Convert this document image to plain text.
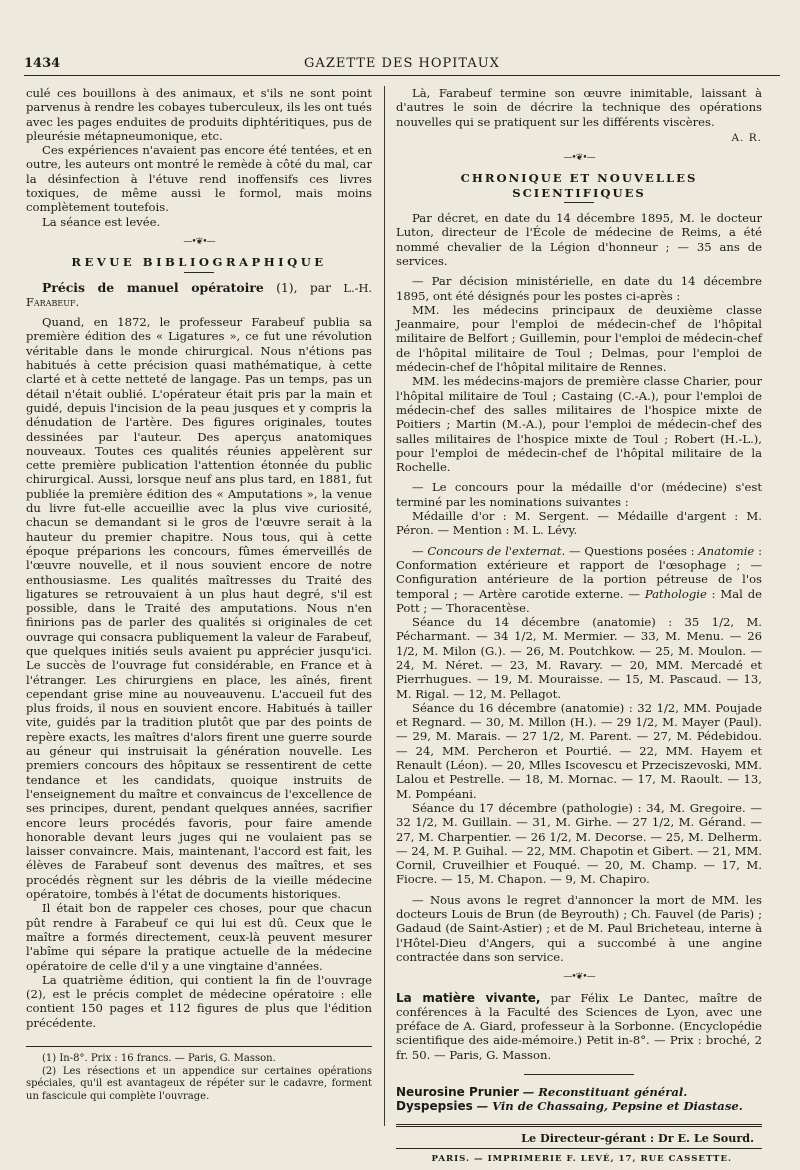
1434	GAZETTE DES HOPITAUX

culé ces bouillons à des animaux, et s'ils ne sont point parvenus à rendre les cobayes tuberculeux, ils les ont tués avec les pages enduites de produits diphtéritiques, pus de pleurésie métapneumonique, etc.

Ces expériences n'avaient pas encore été tentées, et en outre, les auteurs ont montré le remède à côté du mal, car la désinfection à l'étuve rend inoffensifs ces livres toxiques, de même aussi le formol, mais moins complètement toutefois.

La séance est levée.

—•❦•—
REVUE BIBLIOGRAPHIQUE

Précis de manuel opératoire (1), par L.-H. Farabeuf.

Quand, en 1872, le professeur Farabeuf publia sa première édition des « Ligatures », ce fut une révolution véritable dans le monde chirurgical. Nous n'étions pas habitués à cette précision quasi mathématique, à cette clarté et à cette netteté de langage. Pas un temps, pas un détail n'était oublié. L'opérateur était pris par la main et guidé, depuis l'incision de la peau jusques et y compris la dénudation de l'artère. Des figures originales, toutes dessinées par l'auteur. Des aperçus anatomiques nouveaux. Toutes ces qualités réunies appelèrent sur cette première publication l'attention étonnée du public chirurgical. Aussi, lorsque neuf ans plus tard, en 1881, fut publiée la première édition des « Amputations », la venue du livre fut-elle accueillie avec la plus vive curiosité, chacun se demandant si le gros de l'œuvre serait à la hauteur du premier chapitre. Nous tous, qui à cette époque préparions les concours, fûmes émerveillés de l'œuvre nouvelle, et il nous souvient encore de notre enthousiasme. Les qualités maîtresses du Traité des ligatures se retrouvaient à un plus haut degré, s'il est possible, dans le Traité des amputations. Nous n'en finirions pas de parler des qualités si originales de cet ouvrage qui consacra publiquement la valeur de Farabeuf, que quelques initiés seuls avaient pu apprécier jusqu'ici. Le succès de l'ouvrage fut considérable, en France et à l'étranger. Les chirurgiens en place, les aînés, firent cependant grise mine au nouveauvenu. L'accueil fut des plus froids, il nous en souvient encore. Habitués à tailler vite, guidés par la tradition plutôt que par des points de repère exacts, les maîtres d'alors firent une guerre sourde au géneur qui instruisait la génération nouvelle. Les premiers concours des hôpitaux se ressentirent de cette tendance et les candidats, quoique instruits de l'enseignement du maître et convaincus de l'excellence de ses principes, durent, pendant quelques années, sacrifier encore leurs procédés favoris, pour faire amende honorable devant leurs juges qui ne voulaient pas se laisser convaincre. Mais, maintenant, l'accord est fait, les élèves de Farabeuf sont devenus des maîtres, et ses procédés règnent sur les débris de la vieille médecine opératoire, tombés à l'état de documents historiques.

Il était bon de rappeler ces choses, pour que chacun pût rendre à Farabeuf ce qui lui est dû. Ceux que le maître a formés directement, ceux-là peuvent mesurer l'abîme qui sépare la pratique actuelle de la médecine opératoire de celle d'il y a une vingtaine d'années.

La quatrième édition, qui contient la fin de l'ouvrage (2), est le précis complet de médecine opératoire : elle contient 150 pages et 112 figures de plus que l'édition précédente.

(1) In-8°. Prix : 16 francs. — Paris, G. Masson.

(2) Les résections et un appendice sur certaines opérations spéciales, qu'il est avantageux de répéter sur le cadavre, forment un fascicule qui complète l'ouvrage.

Là, Farabeuf termine son œuvre inimitable, laissant à d'autres le soin de décrire la technique des opérations nouvelles qui se pratiquent sur les différents viscères.

A. R.
—•❦•—
CHRONIQUE ET NOUVELLES SCIENTIFIQUES

Par décret, en date du 14 décembre 1895, M. le docteur Luton, directeur de l'École de médecine de Reims, a été nommé chevalier de la Légion d'honneur ; — 35 ans de services.

— Par décision ministérielle, en date du 14 décembre 1895, ont été désignés pour les postes ci-après :

MM. les médecins principaux de deuxième classe Jeanmaire, pour l'emploi de médecin-chef de l'hôpital militaire de Belfort ; Guillemin, pour l'emploi de médecin-chef de l'hôpital militaire de Toul ; Delmas, pour l'emploi de médecin-chef de l'hôpital militaire de Rennes.

MM. les médecins-majors de première classe Charier, pour l'hôpital militaire de Toul ; Castaing (C.-A.), pour l'emploi de médecin-chef des salles militaires de l'hospice mixte de Poitiers ; Martin (M.-A.), pour l'emploi de médecin-chef des salles militaires de l'hospice mixte de Toul ; Robert (H.-L.), pour l'emploi de médecin-chef de l'hôpital militaire de la Rochelle.

— Le concours pour la médaille d'or (médecine) s'est terminé par les nominations suivantes :

Médaille d'or : M. Sergent. — Médaille d'argent : M. Péron. — Mention : M. L. Lévy.

— Concours de l'externat. — Questions posées : Anatomie : Conformation extérieure et rapport de l'œsophage ; — Configuration antérieure de la portion pétreuse de l'os temporal ; — Artère carotide externe. — Pathologie : Mal de Pott ; — Thoracentèse.

Séance du 14 décembre (anatomie) : 35 1/2, M. Pécharmant. — 34 1/2, M. Mermier. — 33, M. Menu. — 26 1/2, M. Milon (G.). — 26, M. Poutchkow. — 25, M. Moulon. — 24, M. Néret. — 23, M. Ravary. — 20, MM. Mercadé et Pierrhugues. — 19, M. Mouraisse. — 15, M. Pascaud. — 13, M. Rigal. — 12, M. Pellagot.

Séance du 16 décembre (anatomie) : 32 1/2, MM. Poujade et Regnard. — 30, M. Millon (H.). — 29 1/2, M. Mayer (Paul). — 29, M. Marais. — 27 1/2, M. Parent. — 27, M. Pédebidou. — 24, MM. Percheron et Pourtié. — 22, MM. Hayem et Renault (Léon). — 20, Mlles Iscovescu et Przeciszevoski, MM. Lalou et Pestrelle. — 18, M. Mornac. — 17, M. Raoult. — 13, M. Pompéani.

Séance du 17 décembre (pathologie) : 34, M. Gregoire. — 32 1/2, M. Guillain. — 31, M. Girhe. — 27 1/2, M. Gérand. — 27, M. Charpentier. — 26 1/2, M. Decorse. — 25, M. Delherm. — 24, M. P. Guihal. — 22, MM. Chapotin et Gibert. — 21, MM. Cornil, Cruveilhier et Fouqué. — 20, M. Champ. — 17, M. Fiocre. — 15, M. Chapon. — 9, M. Chapiro.

— Nous avons le regret d'annoncer la mort de MM. les docteurs Louis de Brun (de Beyrouth) ; Ch. Fauvel (de Paris) ; Gadaud (de Saint-Astier) ; et de M. Paul Bricheteau, interne à l'Hôtel-Dieu d'Angers, qui a succombé à une angine contractée dans son service.

—•❦•—

La matière vivante, par Félix Le Dantec, maître de conférences à la Faculté des Sciences de Lyon, avec une préface de A. Giard, professeur à la Sorbonne. (Encyclopédie scientifique des aide-mémoire.) Petit in-8°. — Prix : broché, 2 fr. 50. — Paris, G. Masson.

Neurosine Prunier — Reconstituant général.

Dyspepsies — Vin de Chassaing, Pepsine et Diastase.

Le Directeur-gérant : Dr E. Le Sourd.
PARIS. — IMPRIMERIE F. LEVÉ, 17, RUE CASSETTE.
